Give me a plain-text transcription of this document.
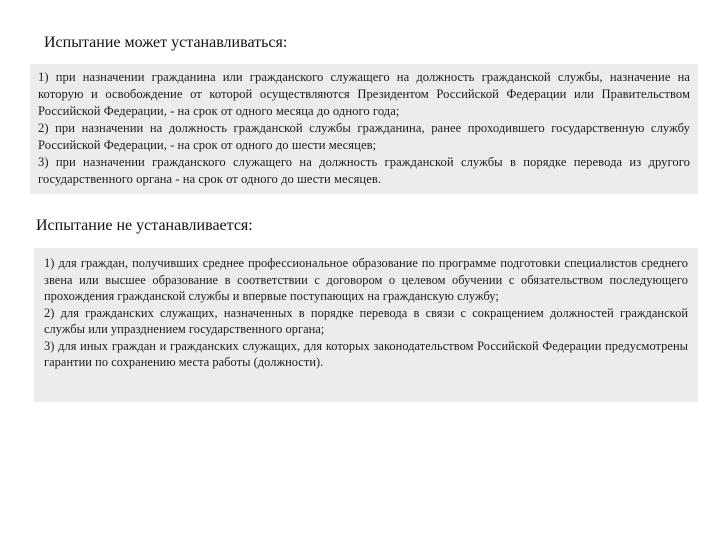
Испытание может устанавливаться:

1) при назначении гражданина или гражданского служащего на должность гражданской службы, назначение на которую и освобождение от которой осуществляются Президентом Российской Федерации или Правительством Российской Федерации, - на срок от одного месяца до одного года;

2) при назначении на должность гражданской службы гражданина, ранее проходившего государственную службу Российской Федерации, - на срок от одного до шести месяцев;

3) при назначении гражданского служащего на должность гражданской службы в порядке перевода из другого государственного органа - на срок от одного до шести месяцев.

Испытание не устанавливается:

1) для граждан, получивших среднее профессиональное образование по программе подготовки специалистов среднего звена или высшее образование в соответствии с договором о целевом обучении с обязательством последующего прохождения гражданской службы и впервые поступающих на гражданскую службу;

2) для гражданских служащих, назначенных в порядке перевода в связи с сокращением должностей гражданской службы или упразднением государственного органа;

3) для иных граждан и гражданских служащих, для которых законодательством Российской Федерации предусмотрены гарантии по сохранению места работы (должности).
